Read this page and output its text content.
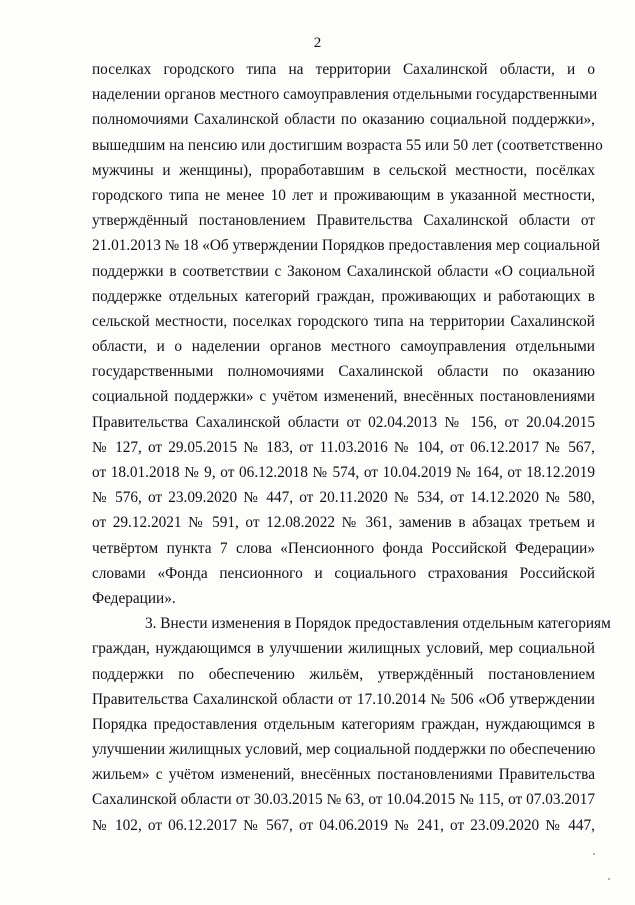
2
поселках городского типа на территории Сахалинской области, и о
наделении органов местного самоуправления отдельными государственными
полномочиями Сахалинской области по оказанию социальной поддержки»,
вышедшим на пенсию или достигшим возраста 55 или 50 лет (соответственно
мужчины и женщины), проработавшим в сельской местности, посёлках
городского типа не менее 10 лет и проживающим в указанной местности,
утверждённый постановлением Правительства Сахалинской области от
21.01.2013 № 18 «Об утверждении Порядков предоставления мер социальной
поддержки в соответствии с Законом Сахалинской области «О социальной
поддержке отдельных категорий граждан, проживающих и работающих в
сельской местности, поселках городского типа на территории Сахалинской
области, и о наделении органов местного самоуправления отдельными
государственными полномочиями Сахалинской области по оказанию
социальной поддержки» с учётом изменений, внесённых постановлениями
Правительства Сахалинской области от 02.04.2013 № 156, от 20.04.2015
№ 127, от 29.05.2015 № 183, от 11.03.2016 № 104, от 06.12.2017 № 567,
от 18.01.2018 № 9, от 06.12.2018 № 574, от 10.04.2019 № 164, от 18.12.2019
№ 576, от 23.09.2020 № 447, от 20.11.2020 № 534, от 14.12.2020 № 580,
от 29.12.2021 № 591, от 12.08.2022 № 361, заменив в абзацах третьем и
четвёртом пункта 7 слова «Пенсионного фонда Российской Федерации»
словами «Фонда пенсионного и социального страхования Российской
Федерации».
3. Внести изменения в Порядок предоставления отдельным категориям
граждан, нуждающимся в улучшении жилищных условий, мер социальной
поддержки по обеспечению жильём, утверждённый постановлением
Правительства Сахалинской области от 17.10.2014 № 506 «Об утверждении
Порядка предоставления отдельным категориям граждан, нуждающимся в
улучшении жилищных условий, мер социальной поддержки по обеспечению
жильем» с учётом изменений, внесённых постановлениями Правительства
Сахалинской области от 30.03.2015 № 63, от 10.04.2015 № 115, от 07.03.2017
№ 102, от 06.12.2017 № 567, от 04.06.2019 № 241, от 23.09.2020 № 447,
